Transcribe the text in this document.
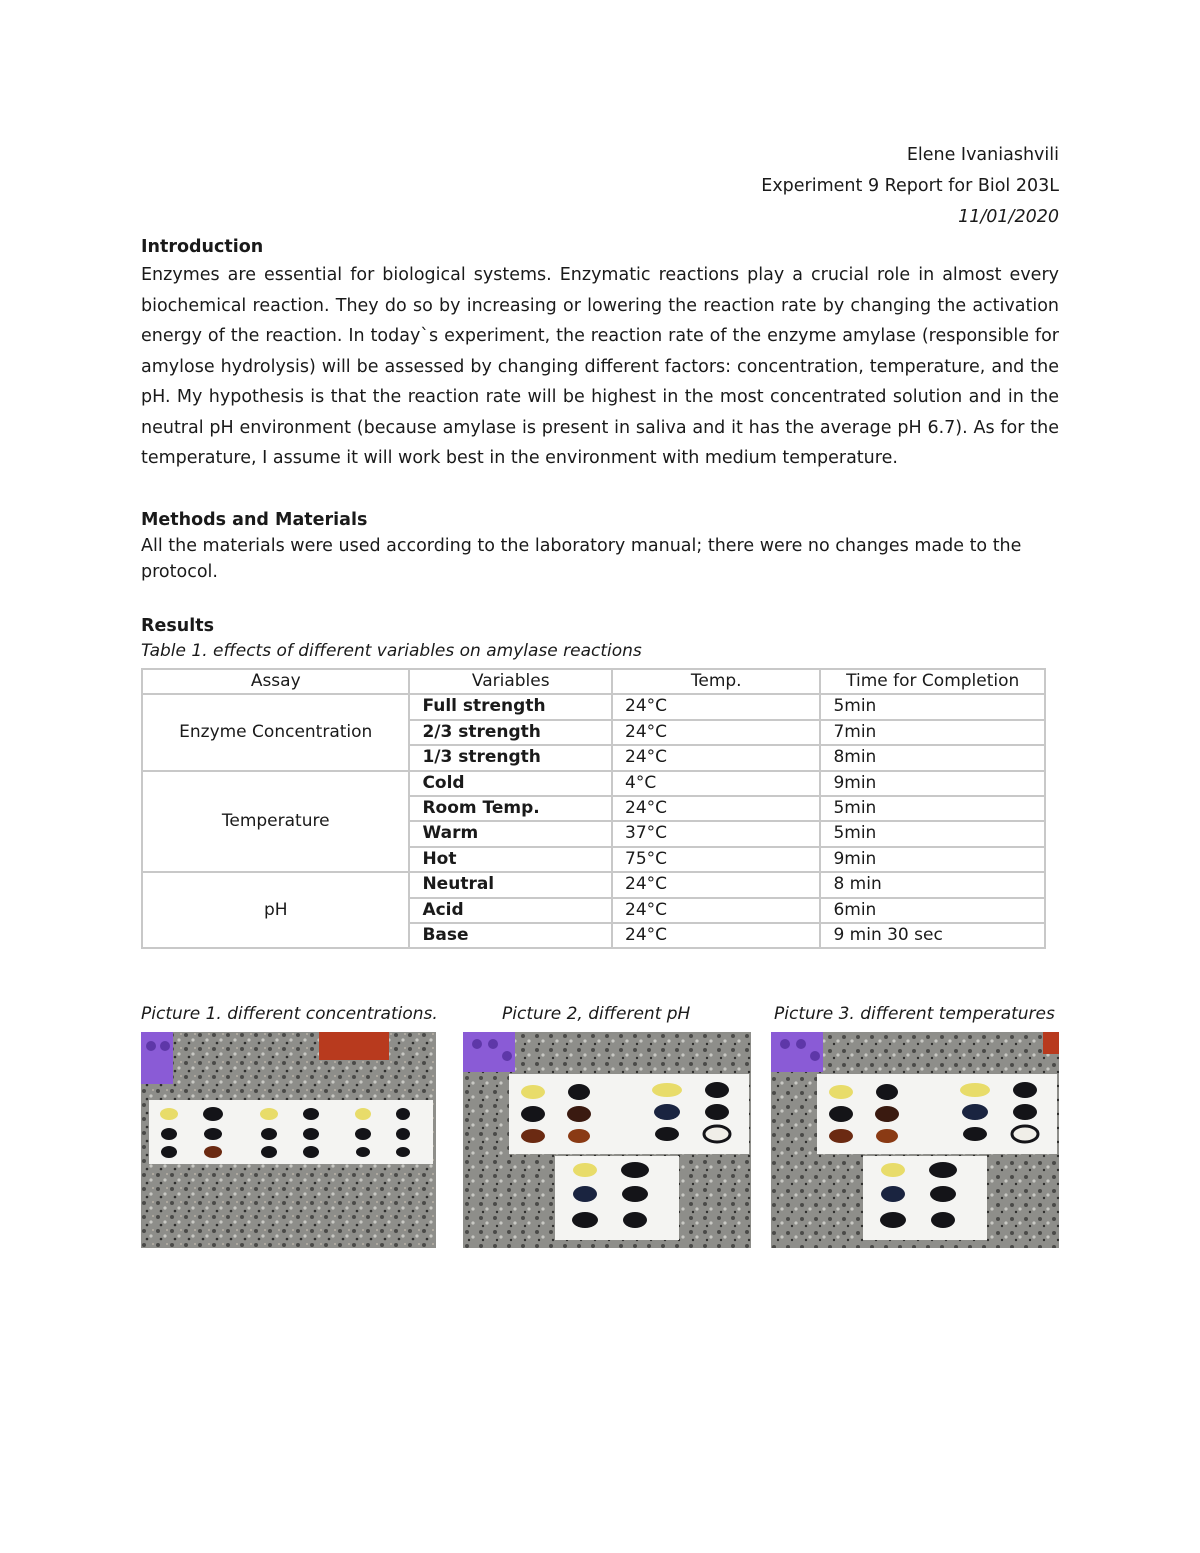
Elene Ivaniashvili
Experiment 9 Report for Biol 203L
11/01/2020
Introduction

Enzymes are essential for biological systems. Enzymatic reactions play a crucial role in almost every biochemical reaction. They do so by increasing or lowering the reaction rate by changing the activation energy of the reaction. In today`s experiment, the reaction rate of the enzyme amylase (responsible for amylose hydrolysis) will be assessed by changing different factors: concentration, temperature, and the pH. My hypothesis is that the reaction rate will be highest in the most concentrated solution and in the neutral pH environment (because amylase is present in saliva and it has the average pH 6.7). As for the temperature, I assume it will work best in the environment with medium temperature.

Methods and Materials

All the materials were used according to the laboratory manual; there were no changes made to the protocol.

Results
Table 1. effects of different variables on amylase reactions
Assay	Variables	Temp.	Time for Completion
Enzyme Concentration	Full strength	24°C	5min
	2/3 strength	24°C	7min
	1/3 strength	24°C	8min
Temperature	Cold	4°C	9min
	Room Temp.	24°C	5min
	Warm	37°C	5min
	Hot	75°C	9min
pH	Neutral	24°C	8 min
	Acid	24°C	6min
	Base	24°C	9 min 30 sec
Picture 1. different concentrations.	Picture 2, different pH	Picture 3. different temperatures
